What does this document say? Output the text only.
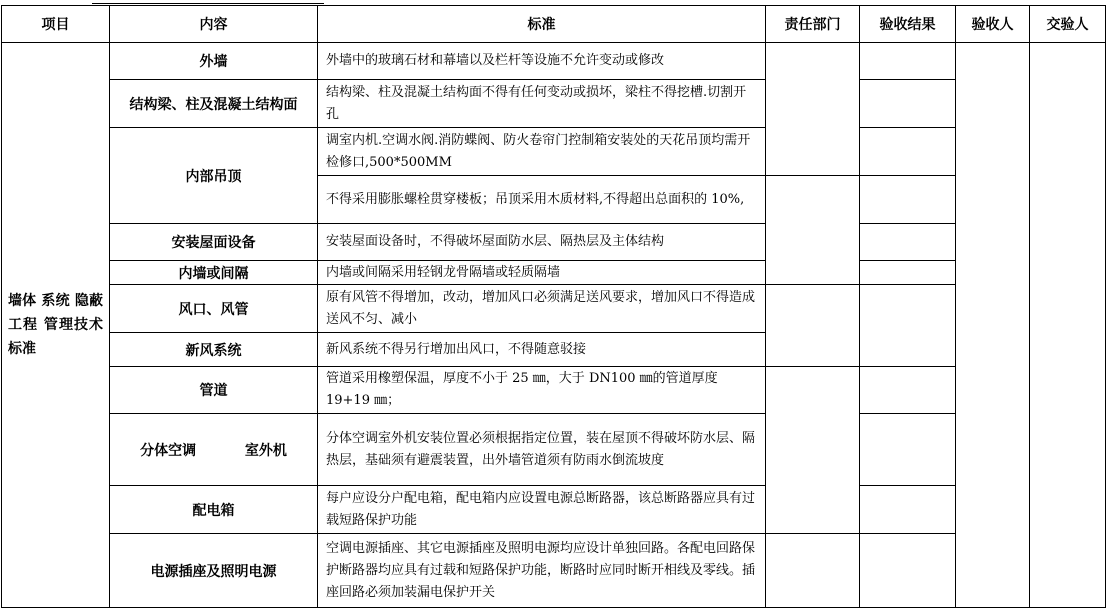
项目	内容	标准	责任部门	验收结果	验收人	交验人
墙体 系统 隐蔽 工程 管理技术 标准	外墙	外墙中的玻璃石材和幕墙以及栏杆等设施不允许变动或修改				
	结构梁、柱及混凝土结构面	结构梁、柱及混凝土结构面不得有任何变动或损坏，梁柱不得挖槽.切割开孔				
	内部吊顶	调室内机.空调水阀.消防蝶阀、防火卷帘门控制箱安装处的天花吊顶均需开检修口,500*500MM				
		不得采用膨胀螺栓贯穿楼板；吊顶采用木质材料,不得超出总面积的 10%,				
	安装屋面设备	安装屋面设备时，不得破坏屋面防水层、隔热层及主体结构				
	内墙或间隔	内墙或间隔采用轻钢龙骨隔墙或轻质隔墙				
	风口、风管	原有风管不得增加，改动，增加风口必须满足送风要求，增加风口不得造成送风不匀、减小				
	新风系统	新风系统不得另行增加出风口，不得随意驳接				
	管道	管道采用橡塑保温，厚度不小于 25 ㎜，大于 DN100 ㎜的管道厚度 19+19 ㎜；				
	分体空调          室外机	分体空调室外机安装位置必须根据指定位置，装在屋顶不得破坏防水层、隔热层，基础须有避震装置，出外墙管道须有防雨水倒流坡度				
	配电箱	每户应设分户配电箱，配电箱内应设置电源总断路器，该总断路器应具有过载短路保护功能				
	电源插座及照明电源	空调电源插座、其它电源插座及照明电源均应设计单独回路。各配电回路保护断路器均应具有过载和短路保护功能，断路时应同时断开相线及零线。插座回路必须加装漏电保护开关				
